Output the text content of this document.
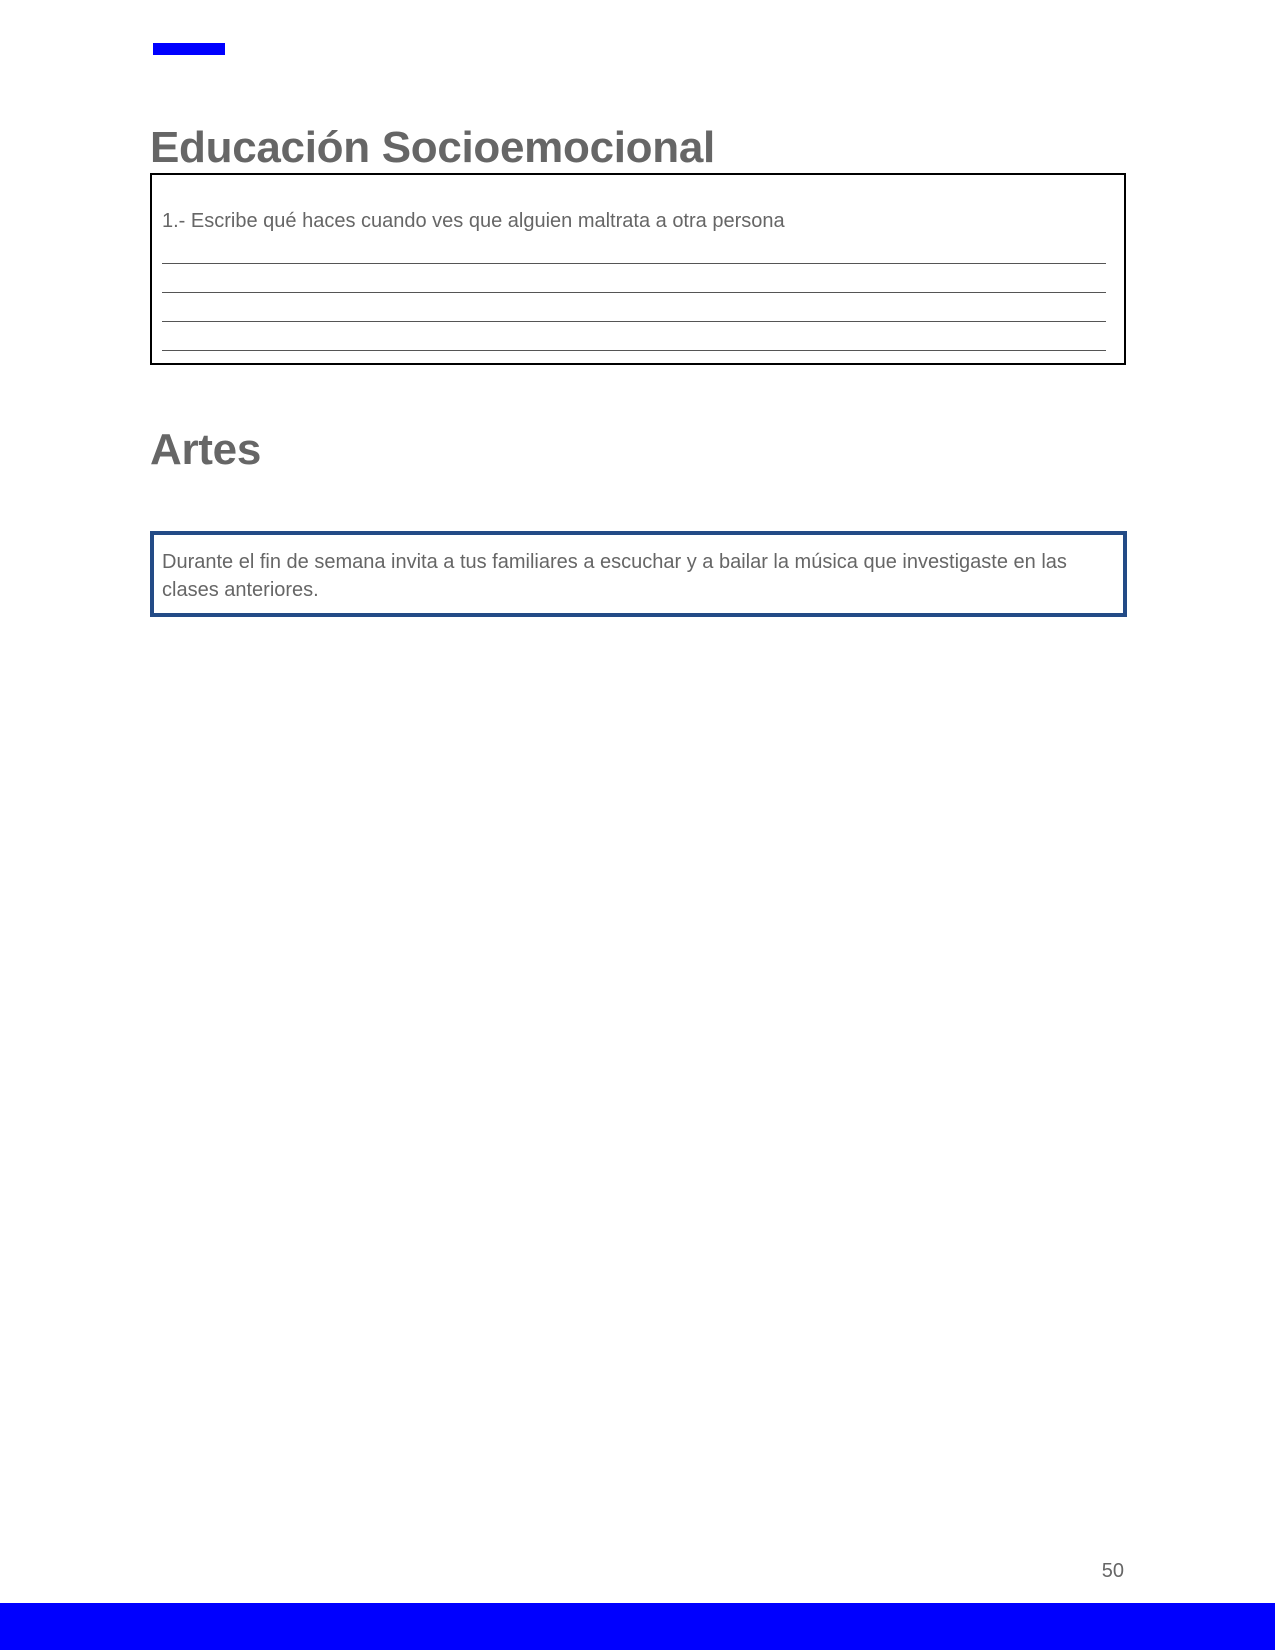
Educación Socioemocional
1.- Escribe qué haces cuando ves que alguien maltrata a otra persona
Artes

Durante el fin de semana invita a tus familiares a escuchar y a bailar la música que investigaste en las clases anteriores.

50
